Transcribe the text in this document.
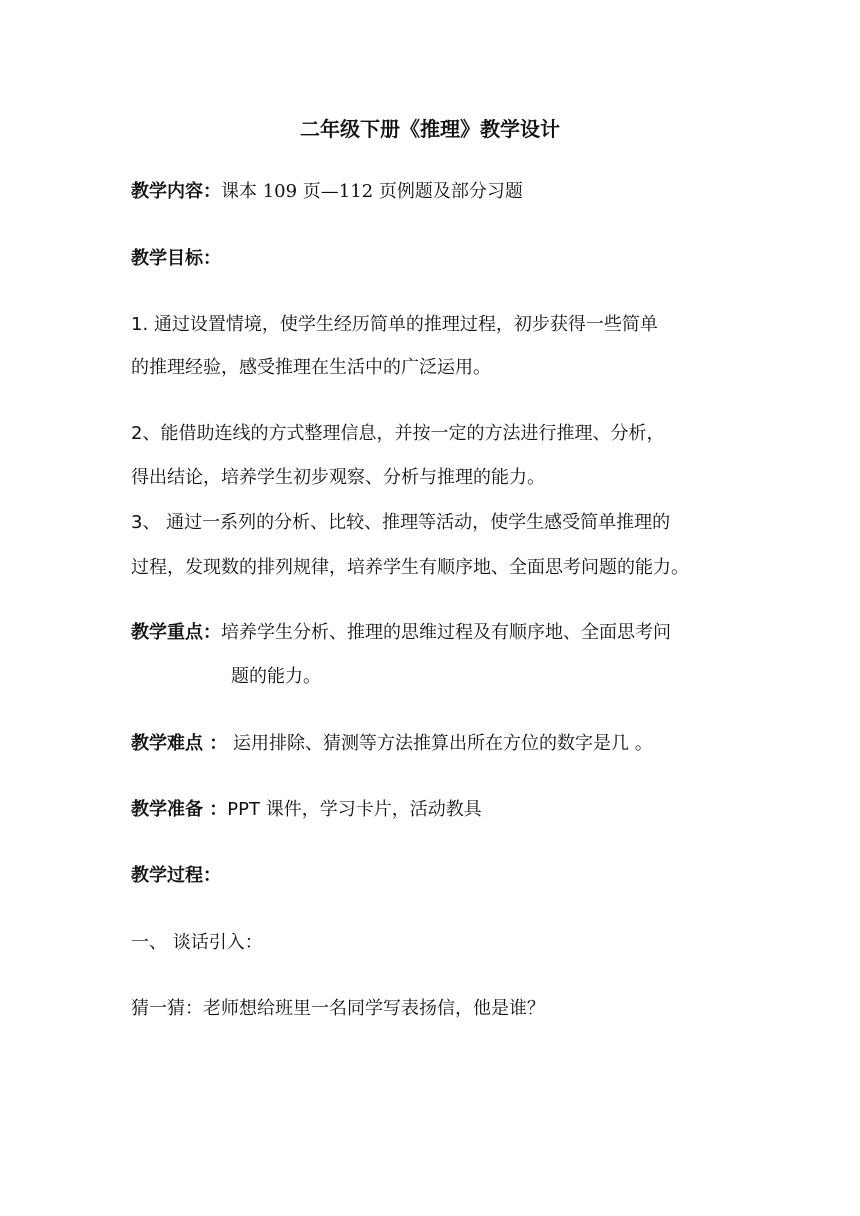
二年级下册《推理》教学设计
教学内容：课本 109 页—112 页例题及部分习题
教学目标：
1. 通过设置情境，使学生经历简单的推理过程，初步获得一些简单
的推理经验，感受推理在生活中的广泛运用。
2、能借助连线的方式整理信息，并按一定的方法进行推理、分析，
得出结论，培养学生初步观察、分析与推理的能力。
3、 通过一系列的分析、比较、推理等活动，使学生感受简单推理的
过程，发现数的排列规律，培养学生有顺序地、全面思考问题的能力。
教学重点：培养学生分析、推理的思维过程及有顺序地、全面思考问
题的能力。
教学难点 ： 运用排除、猜测等方法推算出所在方位的数字是几 。
教学准备 ：PPT 课件，学习卡片，活动教具
教学过程：
一、 谈话引入：
猜一猜：老师想给班里一名同学写表扬信，他是谁？
